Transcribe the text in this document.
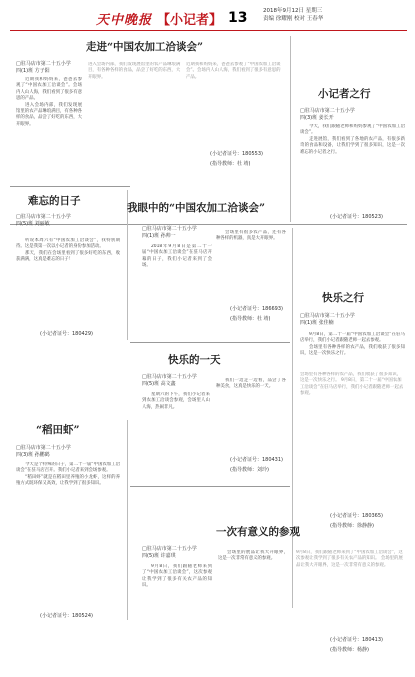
天中晚报 【小记者】 13	2018年9月12日 星期三
责编 徐耀刚 校对 王春华
走进“中国农加工洽谈会”
□驻马店市第二十五小学
四(1)班 方子阳

近期我和妈妈来，爸爸去参观了“中国农加工洽谈会”。会场内人山人海，我们看到了很多有意思的产品。

进入会场内部，我们发现展馆里的农产品琳琅满目，有各种各样的食品，品尝了好吃的东西，大开眼界。

进入会场内部，我们发现展馆里的农产品琳琅满目，有各种各样的食品，品尝了好吃的东西，大开眼界。
近期我和妈妈来，爸爸去参观了“中国农加工洽谈会”。会场内人山人海，我们看到了很多有意思的产品。
(小记者证号：180553)
(指导教师：杜 靖)
小记者之行
□驻马店市第二十五小学
四(3)班 姜长开

今天，我们跟随老师和妈妈参观了“中国农加工洽谈会”。

走进展馆，我们看到了各地的农产品，有很多新奇的食品和设备，让我们学到了很多知识，这是一次难忘的小记者之行。

(小记者证号：180523)
难忘的日子
□驻马店市第二十五小学
四(5)班 刘丽敏

听说本周六有“中国农加工洽谈会”，我特别期待。这是我第一次以小记者的身份参加活动。

那天，我们在会场里看到了很多好吃的东西，收获满满，这真是难忘的日子！

(小记者证号：180429)
我眼中的“中国农加工洽谈会”
□驻马店市第二十五小学
四(1)班 孙帅一

2018年9月8日是第二十一届“中国农加工洽谈会”在驻马店开幕的日子，我们小记者来到了会场。

会场里有很多农产品，还有各种各样的机器，真是大开眼界。

(小记者证号：186693)
(指导教师：杜 靖)
快乐之行
□驻马店市第二十五小学
四(1)班 张佳楠

9月8日，第二十一届“中国农加工洽谈会”在驻马店举行，我们小记者跟随老师一起去参观。

会场里有各种各样的农产品，我们收获了很多知识，这是一次快乐之行。

会场里有各种各样的农产品，我们收获了很多知识，这是一次快乐之行。 9月8日，第二十一届“中国农加工洽谈会”在驻马店举行，我们小记者跟随老师一起去参观。
(小记者证号：180365)
(指导教师：徐静静)
快乐的一天
□驻马店市第二十五小学
四(5)班 高文鑫

星期六的下午，我们小记者来到农加工洽谈会参观，会场里人山人海，热闹非凡。

我们一边走一边看，品尝了各种美食，这真是快乐的一天。

(小记者证号：180431)
(指导教师：刘玲)
“稻田虾”
□驻马店市第二十五小学
四(3)班 孙鹏鹤

今天是个特殊的日子，第二十一届“中国农加工洽谈会”在驻马店召开。我们小记者来到会场参观。

“稻田虾”就是在稻田里养殖的小龙虾，这样的养殖方式既环保又高效，让我学到了很多知识。

(小记者证号：180524)
一次有意义的参观
□驻马店市第二十五小学
四(5)班 许嘉琪

9月8日，我们跟随老师来到了“中国农加工洽谈会”，这次参观让我学到了很多有关农产品的知识。

会场里的展品让我大开眼界，这是一次非常有意义的参观。

9月8日，我们跟随老师来到了“中国农加工洽谈会”，这次参观让我学到了很多有关农产品的知识。 会场里的展品让我大开眼界，这是一次非常有意义的参观。
(小记者证号：180413)
(指导教师：杨静)
